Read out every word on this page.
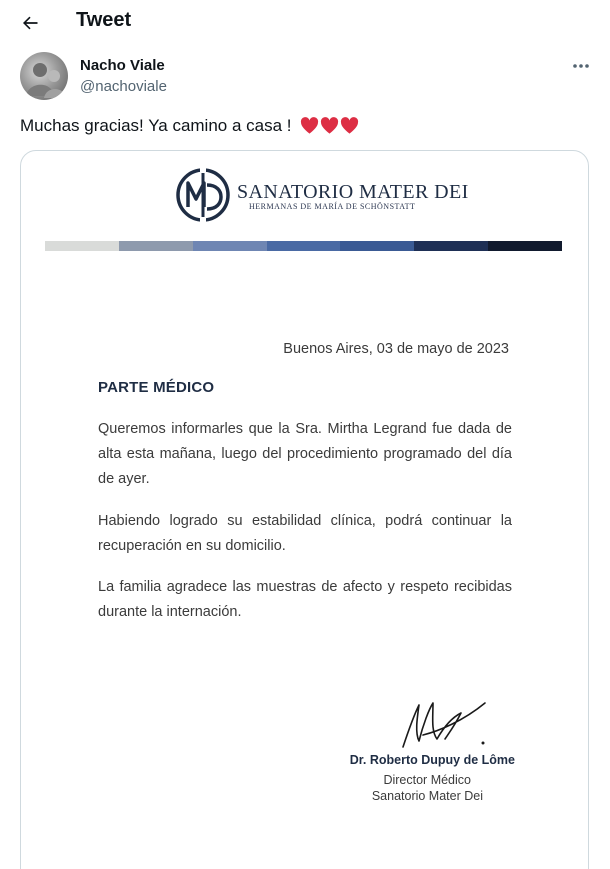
Tweet
Nacho Viale
@nachoviale
Muchas gracias! Ya camino a casa !
SANATORIO MATER DEI
HERMANAS DE MARÍA DE SCHÖNSTATT
Buenos Aires, 03 de mayo de 2023
PARTE MÉDICO
Queremos informarles que la Sra. Mirtha Legrand fue dada de alta esta mañana, luego del procedimiento programado del día de ayer.
Habiendo logrado su estabilidad clínica, podrá continuar la recuperación en su domicilio.
La familia agradece las muestras de afecto y respeto recibidas durante la internación.
Dr. Roberto Dupuy de Lôme
Director Médico
Sanatorio Mater Dei
